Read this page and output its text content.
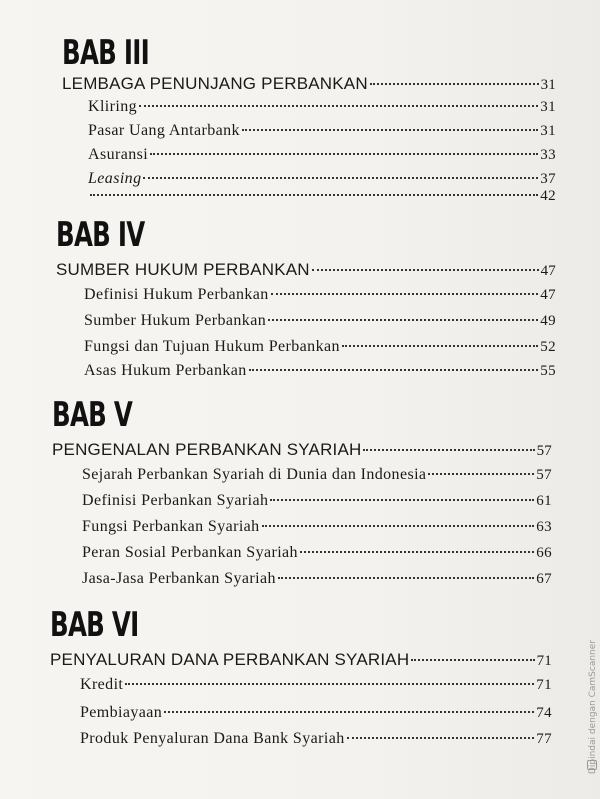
BAB III
LEMBAGA PENUNJANG PERBANKAN	31
Kliring	31
Pasar Uang Antarbank	31
Asuransi	33
Leasing	37
42
BAB IV
SUMBER HUKUM PERBANKAN	47
Definisi Hukum Perbankan	47
Sumber Hukum Perbankan	49
Fungsi dan Tujuan Hukum Perbankan	52
Asas Hukum Perbankan	55
BAB V
PENGENALAN PERBANKAN SYARIAH	57
Sejarah Perbankan Syariah di Dunia dan Indonesia	57
Definisi Perbankan Syariah	61
Fungsi Perbankan Syariah	63
Peran Sosial Perbankan Syariah	66
Jasa-Jasa Perbankan Syariah	67
BAB VI
PENYALURAN DANA PERBANKAN SYARIAH	71
Kredit	71
Pembiayaan	74
Produk Penyaluran Dana Bank Syariah	77	Dipindai dengan CamScanner
